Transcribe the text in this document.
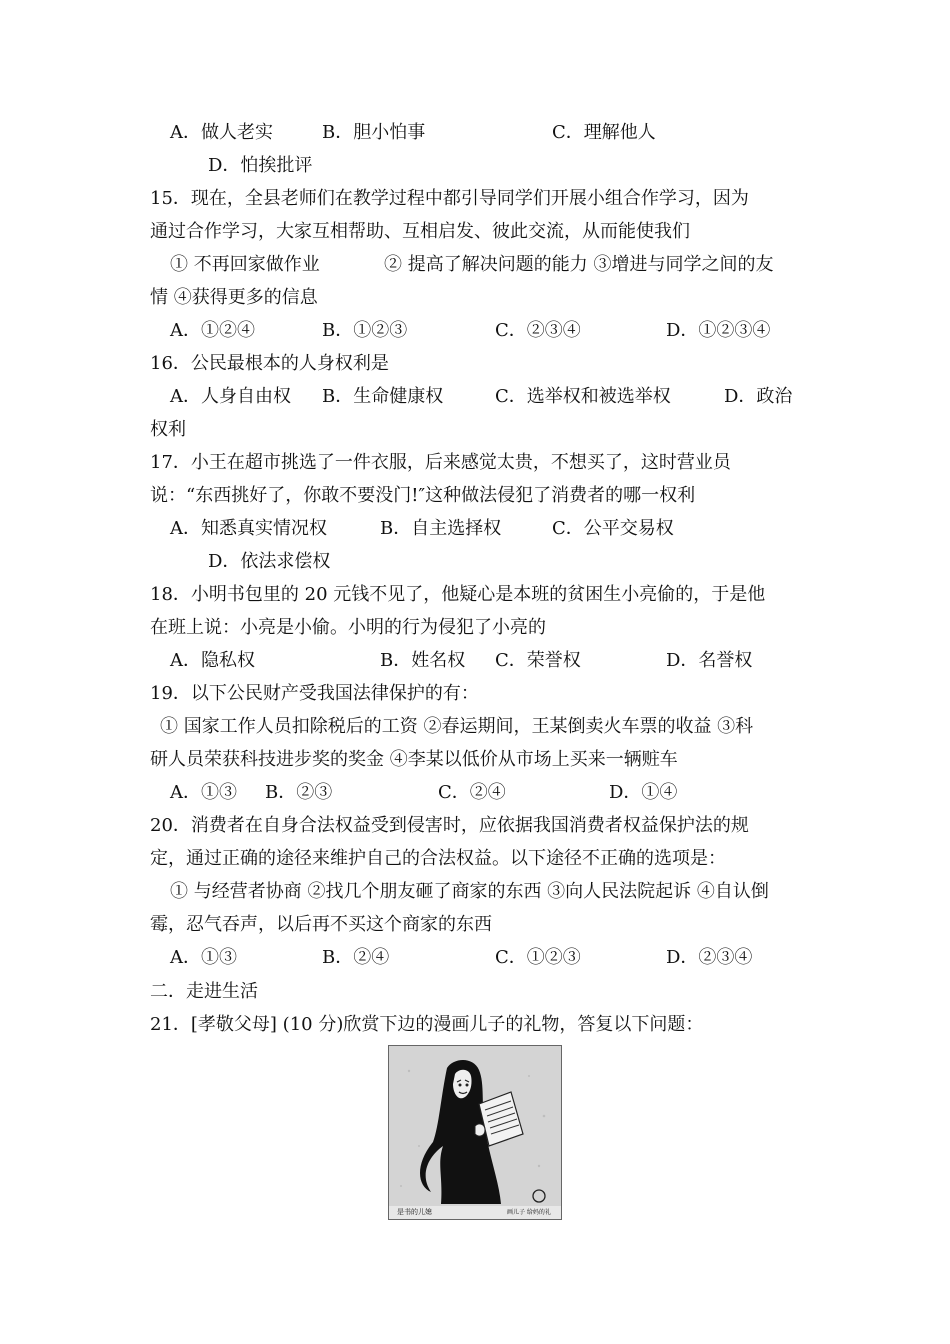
A．做人老实	B．胆小怕事	C．理解他人
D．怕挨批评
15．现在，全县老师们在教学过程中都引导同学们开展小组合作学习，因为
通过合作学习，大家互相帮助、互相启发、彼此交流，从而能使我们
① 不再回家做作业	② 提高了解决问题的能力 ③增进与同学之间的友
情 ④获得更多的信息
A．①②④	B．①②③	C．②③④	D．①②③④
16．公民最根本的人身权利是
A．人身自由权 B．生命健康权	C．选举权和被选举权	D．政治
权利
17．小王在超市挑选了一件衣服，后来感觉太贵，不想买了，这时营业员
说：“东西挑好了，你敢不要没门!″这种做法侵犯了消费者的哪一权利
A．知悉真实情况权	B．自主选择权	C．公平交易权
D．依法求偿权
18．小明书包里的 20 元钱不见了，他疑心是本班的贫困生小亮偷的，于是他
在班上说：小亮是小偷。小明的行为侵犯了小亮的
A．隐私权	B．姓名权 C．荣誉权	D．名誉权
19．以下公民财产受我国法律保护的有：
① 国家工作人员扣除税后的工资 ②春运期间，王某倒卖火车票的收益 ③科
研人员荣获科技进步奖的奖金 ④李某以低价从市场上买来一辆赃车
A．①③ B．②③	C．②④	D．①④
20．消费者在自身合法权益受到侵害时，应依据我国消费者权益保护法的规
定，通过正确的途径来维护自己的合法权益。以下途径不正确的选项是：
① 与经营者协商 ②找几个朋友砸了商家的东西 ③向人民法院起诉 ④自认倒
霉，忍气吞声，以后再不买这个商家的东西
A．①③	B．②④	C．①②③	D．②③④
二．走进生活
21．[孝敬父母] (10 分)欣赏下边的漫画儿子的礼物，答复以下问题：
是书的儿媳	画儿子 给妈的礼
